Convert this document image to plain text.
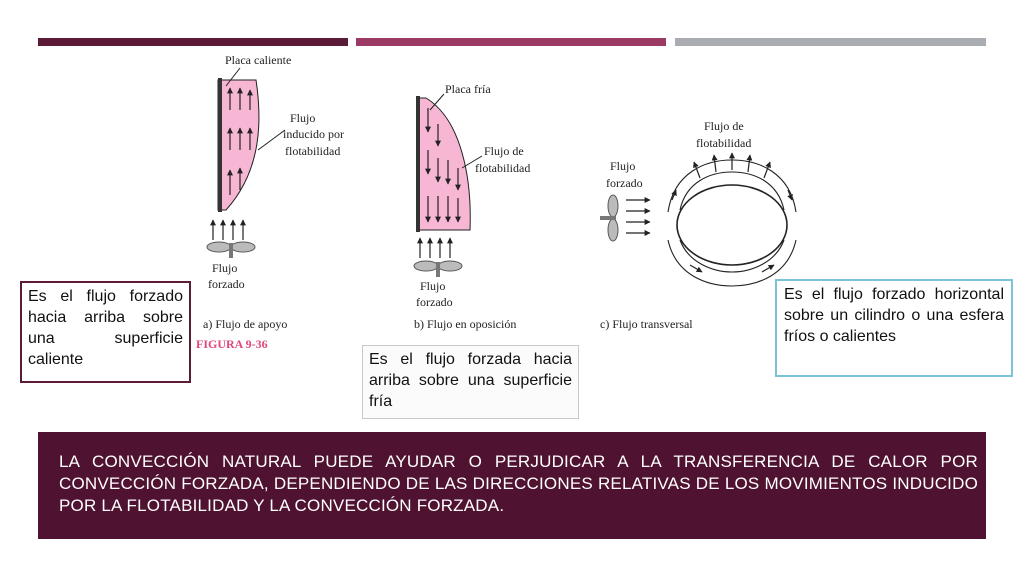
Placa caliente
Flujo
inducido por
flotabilidad
Flujo
forzado
a) Flujo de apoyo
FIGURA 9-36
Placa fría
Flujo de
flotabilidad
Flujo
forzado
b) Flujo en oposición
Flujo de
flotabilidad
Flujo
forzado
c) Flujo transversal
Es el flujo forzado hacia arriba sobre una superficie caliente	Es el flujo forzada hacia arriba sobre una superficie fría
Es el flujo forzado horizontal sobre un cilindro o una esfera fríos o calientes
LA CONVECCIÓN NATURAL PUEDE AYUDAR O PERJUDICAR A LA TRANSFERENCIA DE CALOR POR CONVECCIÓN FORZADA, DEPENDIENDO DE LAS DIRECCIONES RELATIVAS DE LOS MOVIMIENTOS INDUCIDO POR LA FLOTABILIDAD Y LA CONVECCIÓN FORZADA.
